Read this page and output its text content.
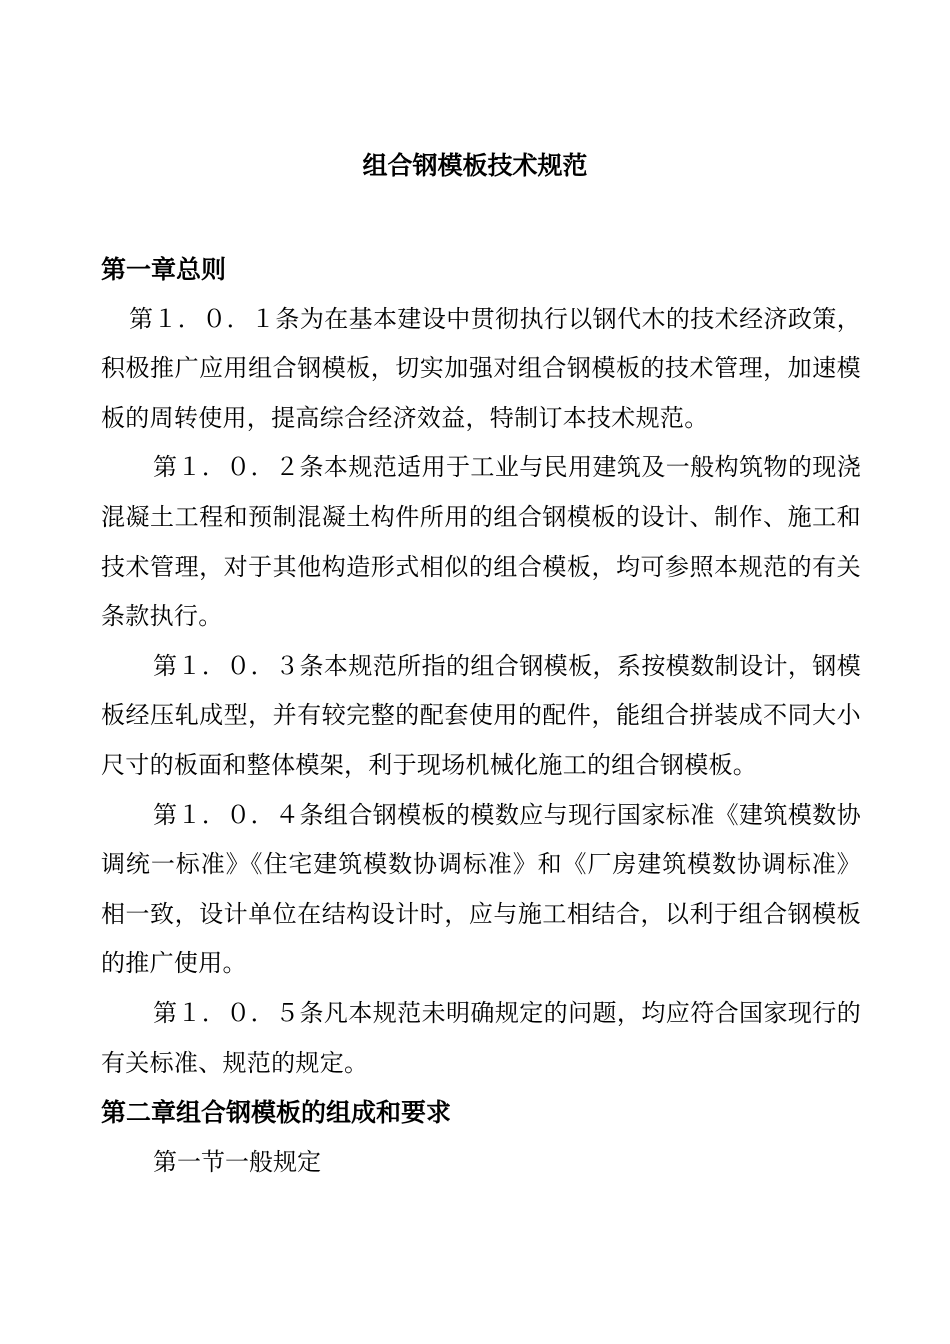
组合钢模板技术规范
第一章总则

第１．０．１条为在基本建设中贯彻执行以钢代木的技术经济政策，积极推广应用组合钢模板，切实加强对组合钢模板的技术管理，加速模板的周转使用，提高综合经济效益，特制订本技术规范。

第１．０．２条本规范适用于工业与民用建筑及一般构筑物的现浇混凝土工程和预制混凝土构件所用的组合钢模板的设计、制作、施工和技术管理，对于其他构造形式相似的组合模板，均可参照本规范的有关条款执行。

第１．０．３条本规范所指的组合钢模板，系按模数制设计，钢模板经压轧成型，并有较完整的配套使用的配件，能组合拼装成不同大小尺寸的板面和整体模架，利于现场机械化施工的组合钢模板。

第１．０．４条组合钢模板的模数应与现行国家标准《建筑模数协调统一标准》《住宅建筑模数协调标准》和《厂房建筑模数协调标准》相一致，设计单位在结构设计时，应与施工相结合，以利于组合钢模板的推广使用。

第１．０．５条凡本规范未明确规定的问题，均应符合国家现行的有关标准、规范的规定。

第二章组合钢模板的组成和要求

第一节一般规定
